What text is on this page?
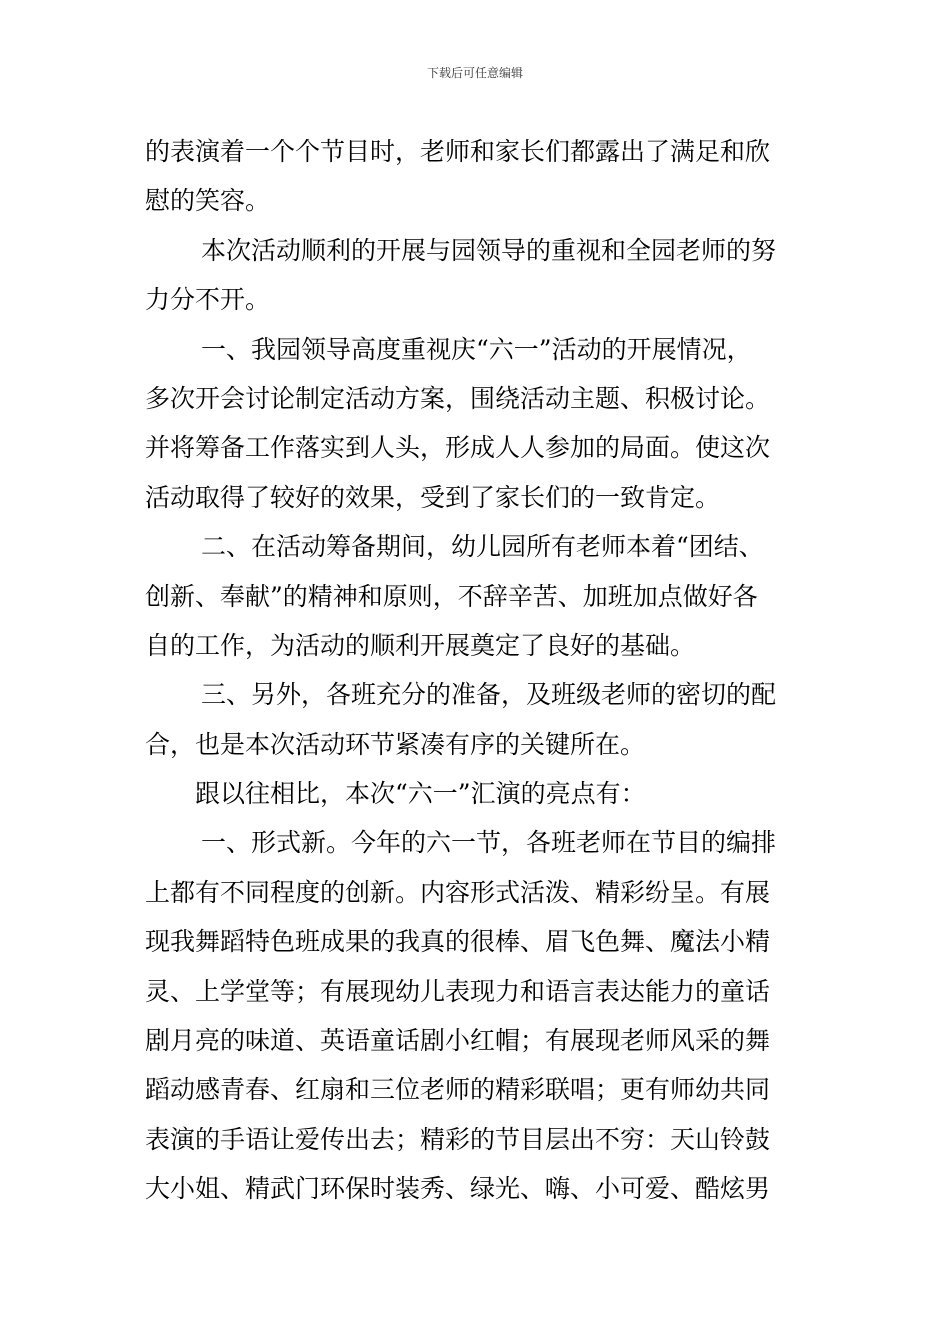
下载后可任意编辑
的表演着一个个节目时，老师和家长们都露出了满足和欣
慰的笑容。
本次活动顺利的开展与园领导的重视和全园老师的努
力分不开。
一、我园领导高度重视庆“六一”活动的开展情况，
多次开会讨论制定活动方案，围绕活动主题、积极讨论。
并将筹备工作落实到人头，形成人人参加的局面。使这次
活动取得了较好的效果，受到了家长们的一致肯定。
二、在活动筹备期间，幼儿园所有老师本着“团结、
创新、奉献”的精神和原则，不辞辛苦、加班加点做好各
自的工作，为活动的顺利开展奠定了良好的基础。
三、另外，各班充分的准备，及班级老师的密切的配
合，也是本次活动环节紧凑有序的关键所在。
跟以往相比，本次“六一”汇演的亮点有：
一、形式新。今年的六一节，各班老师在节目的编排
上都有不同程度的创新。内容形式活泼、精彩纷呈。有展
现我舞蹈特色班成果的我真的很棒、眉飞色舞、魔法小精
灵、上学堂等；有展现幼儿表现力和语言表达能力的童话
剧月亮的味道、英语童话剧小红帽；有展现老师风采的舞
蹈动感青春、红扇和三位老师的精彩联唱；更有师幼共同
表演的手语让爱传出去；精彩的节目层出不穷：天山铃鼓
大小姐、精武门环保时装秀、绿光、嗨、小可爱、酷炫男
